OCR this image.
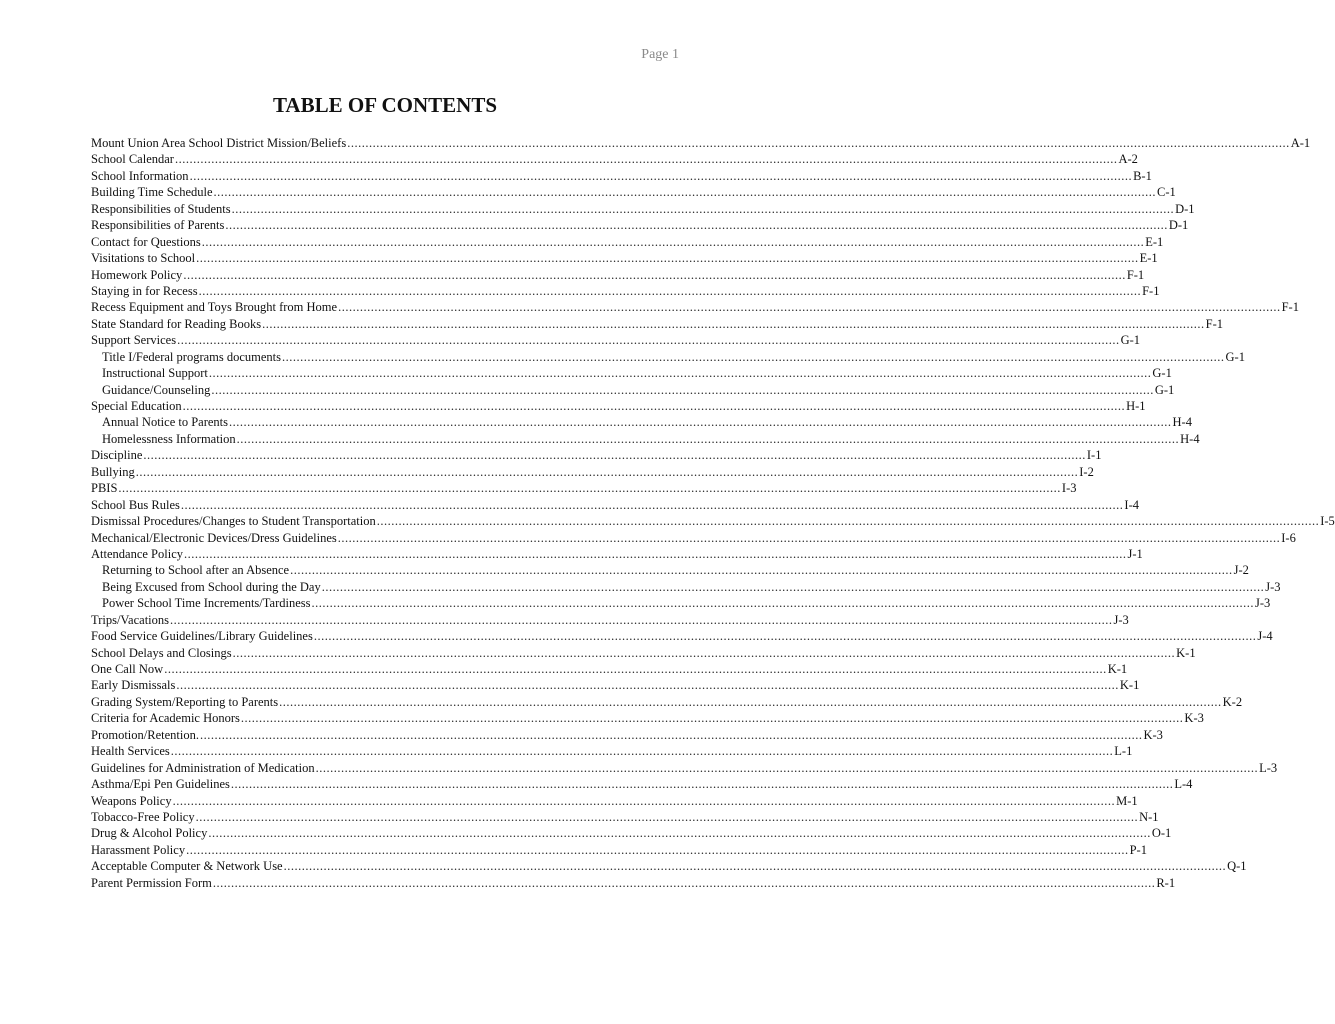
Page 1
TABLE OF CONTENTS
Mount Union Area School District Mission/Beliefs .................................................................................................................................................................................................................................................................... A-1
School Calendar .................................................................................................................................................................................................................................................................... A-2
School Information .................................................................................................................................................................................................................................................................... B-1
Building Time Schedule .................................................................................................................................................................................................................................................................... C-1
Responsibilities of Students .................................................................................................................................................................................................................................................................... D-1
Responsibilities of Parents .................................................................................................................................................................................................................................................................... D-1
Contact for Questions .................................................................................................................................................................................................................................................................... E-1
Visitations to School .................................................................................................................................................................................................................................................................... E-1
Homework Policy .................................................................................................................................................................................................................................................................... F-1
Staying in for Recess .................................................................................................................................................................................................................................................................... F-1
Recess Equipment and Toys Brought from Home .................................................................................................................................................................................................................................................................... F-1
State Standard for Reading Books .................................................................................................................................................................................................................................................................... F-1
Support Services .................................................................................................................................................................................................................................................................... G-1
Title I/Federal programs documents .................................................................................................................................................................................................................................................................... G-1
Instructional Support .................................................................................................................................................................................................................................................................... G-1
Guidance/Counseling .................................................................................................................................................................................................................................................................... G-1
Special Education .................................................................................................................................................................................................................................................................... H-1
Annual Notice to Parents .................................................................................................................................................................................................................................................................... H-4
Homelessness Information .................................................................................................................................................................................................................................................................... H-4
Discipline .................................................................................................................................................................................................................................................................... I-1
Bullying .................................................................................................................................................................................................................................................................... I-2
PBIS .................................................................................................................................................................................................................................................................... I-3
School Bus Rules .................................................................................................................................................................................................................................................................... I-4
Dismissal Procedures/Changes to Student Transportation .................................................................................................................................................................................................................................................................... I-5
Mechanical/Electronic Devices/Dress Guidelines .................................................................................................................................................................................................................................................................... I-6
Attendance Policy .................................................................................................................................................................................................................................................................... J-1
Returning to School after an Absence .................................................................................................................................................................................................................................................................... J-2
Being Excused from School during the Day .................................................................................................................................................................................................................................................................... J-3
Power School Time Increments/Tardiness .................................................................................................................................................................................................................................................................... J-3
Trips/Vacations .................................................................................................................................................................................................................................................................... J-3
Food Service Guidelines/Library Guidelines .................................................................................................................................................................................................................................................................... J-4
School Delays and Closings .................................................................................................................................................................................................................................................................... K-1
One Call Now .................................................................................................................................................................................................................................................................... K-1
Early Dismissals .................................................................................................................................................................................................................................................................... K-1
Grading System/Reporting to Parents .................................................................................................................................................................................................................................................................... K-2
Criteria for Academic Honors .................................................................................................................................................................................................................................................................... K-3
Promotion/Retention. .................................................................................................................................................................................................................................................................... K-3
Health Services .................................................................................................................................................................................................................................................................... L-1
Guidelines for Administration of Medication .................................................................................................................................................................................................................................................................... L-3
Asthma/Epi Pen Guidelines .................................................................................................................................................................................................................................................................... L-4
Weapons Policy .................................................................................................................................................................................................................................................................... M-1
Tobacco-Free Policy .................................................................................................................................................................................................................................................................... N-1
Drug & Alcohol Policy .................................................................................................................................................................................................................................................................... O-1
Harassment Policy .................................................................................................................................................................................................................................................................... P-1
Acceptable Computer & Network Use .................................................................................................................................................................................................................................................................... Q-1
Parent Permission Form .................................................................................................................................................................................................................................................................... R-1
